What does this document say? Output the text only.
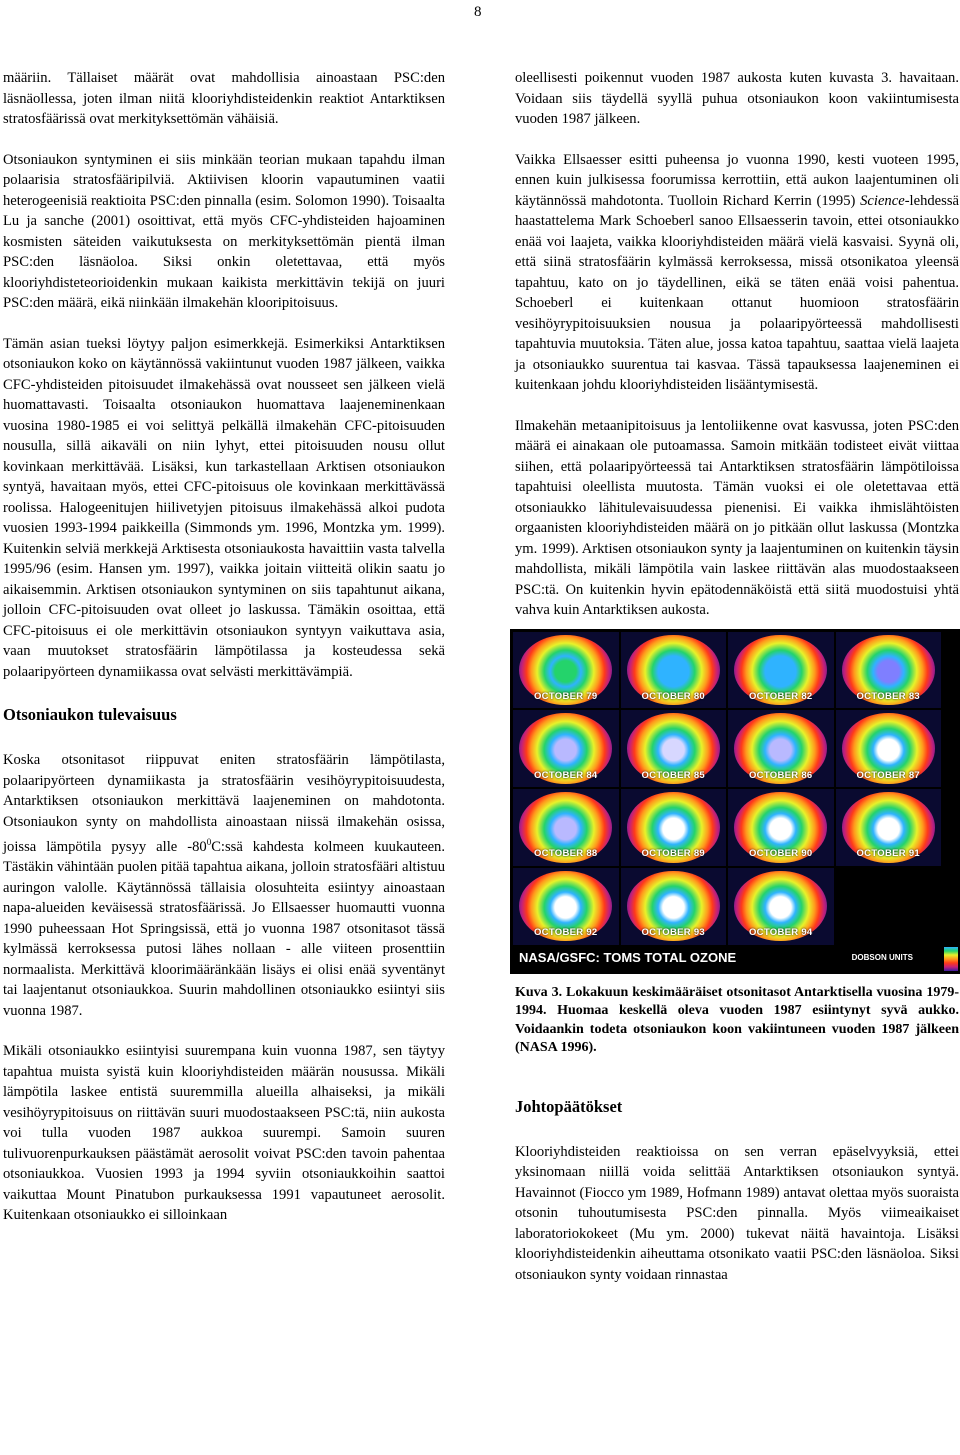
8

määriin. Tällaiset määrät ovat mahdollisia ainoastaan PSC:den läsnäollessa, joten ilman niitä klooriyhdisteidenkin reaktiot Antarktiksen stratosfäärissä ovat merkityksettömän vähäisiä.

Otsoniaukon syntyminen ei siis minkään teorian mukaan tapahdu ilman polaarisia stratosfääripilviä. Aktiivisen kloorin vapautuminen vaatii heterogeenisiä reaktioita PSC:den pinnalla (esim. Solomon 1990). Toisaalta Lu ja sanche (2001) osoittivat, että myös CFC-yhdisteiden hajoaminen kosmisten säteiden vaikutuksesta on merkityksettömän pientä ilman PSC:den läsnäoloa. Siksi onkin oletettavaa, että myös klooriyhdisteteorioidenkin mukaan kaikista merkittävin tekijä on juuri PSC:den määrä, eikä niinkään ilmakehän klooripitoisuus.

Tämän asian tueksi löytyy paljon esimerkkejä. Esimerkiksi Antarktiksen otsoniaukon koko on käytännössä vakiintunut vuoden 1987 jälkeen, vaikka CFC-yhdisteiden pitoisuudet ilmakehässä ovat nousseet sen jälkeen vielä huomattavasti. Toisaalta otsoniaukon huomattava laajeneminenkaan vuosina 1980-1985 ei voi selittyä pelkällä ilmakehän CFC-pitoisuuden nousulla, sillä aikaväli on niin lyhyt, ettei pitoisuuden nousu ollut kovinkaan merkittävää. Lisäksi, kun tarkastellaan Arktisen otsoniaukon syntyä, havaitaan myös, ettei CFC-pitoisuus ole kovinkaan merkittävässä roolissa. Halogeenitujen hiilivetyjen pitoisuus ilmakehässä alkoi pudota vuosien 1993-1994 paikkeilla (Simmonds ym. 1996, Montzka ym. 1999). Kuitenkin selviä merkkejä Arktisesta otsoniaukosta havaittiin vasta talvella 1995/96 (esim. Hansen ym. 1997), vaikka joitain viitteitä olikin saatu jo aikaisemmin. Arktisen otsoniaukon syntyminen on siis tapahtunut aikana, jolloin CFC-pitoisuuden ovat olleet jo laskussa. Tämäkin osoittaa, että CFC-pitoisuus ei ole merkittävin otsoniaukon syntyyn vaikuttava asia, vaan muutokset stratosfäärin lämpötilassa ja kosteudessa sekä polaaripyörteen dynamiikassa ovat selvästi merkittävämpiä.

Otsoniaukon tulevaisuus

Koska otsonitasot riippuvat eniten stratosfäärin lämpötilasta, polaaripyörteen dynamiikasta ja stratosfäärin vesihöyrypitoisuudesta, Antarktiksen otsoniaukon merkittävä laajeneminen on mahdotonta. Otsoniaukon synty on mahdollista ainoastaan niissä ilmakehän osissa, joissa lämpötila pysyy alle $-80^0C:ssä$ kahdesta kolmeen kuukauteen. Tästäkin vähintään puolen pitää tapahtua aikana, jolloin stratosfääri altistuu auringon valolle. Käytännössä tällaisia olosuhteita esiintyy ainoastaan napa-alueiden keväisessä stratosfäärissä. Jo Ellsaesser huomautti vuonna 1990 puheessaan Hot Springsissä, että jo vuonna 1987 otsonitasot tässä kylmässä kerroksessa putosi lähes nollaan - alle viiteen prosenttiin normaalista. Merkittävä kloorimääränkään lisäys ei olisi enää syventänyt tai laajentanut otsoniaukkoa. Suurin mahdollinen otsoniaukko esiintyi siis vuonna 1987.

Mikäli otsoniaukko esiintyisi suurempana kuin vuonna 1987, sen täytyy tapahtua muista syistä kuin klooriyhdisteiden määrän nousussa. Mikäli lämpötila laskee entistä suuremmilla alueilla alhaiseksi, ja mikäli vesihöyrypitoisuus on riittävän suuri muodostaakseen PSC:tä, niin aukosta voi tulla vuoden 1987 aukkoa suurempi. Samoin suuren tulivuorenpurkauksen päästämät aerosolit voivat PSC:den tavoin pahentaa otsoniaukkoa. Vuosien 1993 ja 1994 syviin otsoniaukkoihin saattoi vaikuttaa Mount Pinatubon purkauksessa 1991 vapautuneet aerosolit. Kuitenkaan otsoniaukko ei silloinkaan

oleellisesti poikennut vuoden 1987 aukosta kuten kuvasta 3. havaitaan. Voidaan siis täydellä syyllä puhua otsoniaukon koon vakiintumisesta vuoden 1987 jälkeen.

Vaikka Ellsaesser esitti puheensa jo vuonna 1990, kesti vuoteen 1995, ennen kuin julkisessa foorumissa kerrottiin, että aukon laajentuminen oli käytännössä mahdotonta. Tuolloin Richard Kerrin (1995) Science-lehdessä haastattelema Mark Schoeberl sanoo Ellsaesserin tavoin, ettei otsoniaukko enää voi laajeta, vaikka klooriyhdisteiden määrä vielä kasvaisi. Syynä oli, että siinä stratosfäärin kylmässä kerroksessa, missä otsonikatoa yleensä tapahtuu, kato on jo täydellinen, eikä se täten enää voisi pahentua. Schoeberl ei kuitenkaan ottanut huomioon stratosfäärin vesihöyrypitoisuuksien nousua ja polaaripyörteessä mahdollisesti tapahtuvia muutoksia. Täten alue, jossa katoa tapahtuu, saattaa vielä laajeta ja otsoniaukko suurentua tai kasvaa. Tässä tapauksessa laajeneminen ei kuitenkaan johdu klooriyhdisteiden lisääntymisestä.

Ilmakehän metaanipitoisuus ja lentoliikenne ovat kasvussa, joten PSC:den määrä ei ainakaan ole putoamassa. Samoin mitkään todisteet eivät viittaa siihen, että polaaripyörteessä tai Antarktiksen stratosfäärin lämpötiloissa tapahtuisi oleellista muutosta. Tämän vuoksi ei ole oletettavaa että otsoniaukko lähitulevaisuudessa pienenisi. Ei vaikka ihmislähtöisten orgaanisten klooriyhdisteiden määrä on jo pitkään ollut laskussa (Montzka ym. 1999). Arktisen otsoniaukon synty ja laajentuminen on kuitenkin täysin mahdollista, mikäli lämpötila vain laskee riittävän alas muodostaakseen PSC:tä. On kuitenkin hyvin epätodennäköistä että siitä muodostuisi yhtä vahva kuin Antarktiksen aukosta.

OCTOBER 79	OCTOBER 80	OCTOBER 82	OCTOBER 83
OCTOBER 84	OCTOBER 85	OCTOBER 86	OCTOBER 87
OCTOBER 88	OCTOBER 89	OCTOBER 90	OCTOBER 91
OCTOBER 92	OCTOBER 93	OCTOBER 94
NASA/GSFC: TOMS TOTAL OZONE	DOBSON UNITS

Kuva 3. Lokakuun keskimääräiset otsonitasot Antarktisella vuosina 1979-1994. Huomaa keskellä oleva vuoden 1987 esiintynyt syvä aukko. Voidaankin todeta otsoniaukon koon vakiintuneen vuoden 1987 jälkeen (NASA 1996).

Johtopäätökset

Klooriyhdisteiden reaktioissa on sen verran epäselvyyksiä, ettei yksinomaan niillä voida selittää Antarktiksen otsoniaukon syntyä. Havainnot (Fiocco ym 1989, Hofmann 1989) antavat olettaa myös suoraista otsonin tuhoutumisesta PSC:den pinnalla. Myös viimeaikaiset laboratoriokokeet (Mu ym. 2000) tukevat näitä havaintoja. Lisäksi klooriyhdisteidenkin aiheuttama otsonikato vaatii PSC:den läsnäoloa. Siksi otsoniaukon synty voidaan rinnastaa
